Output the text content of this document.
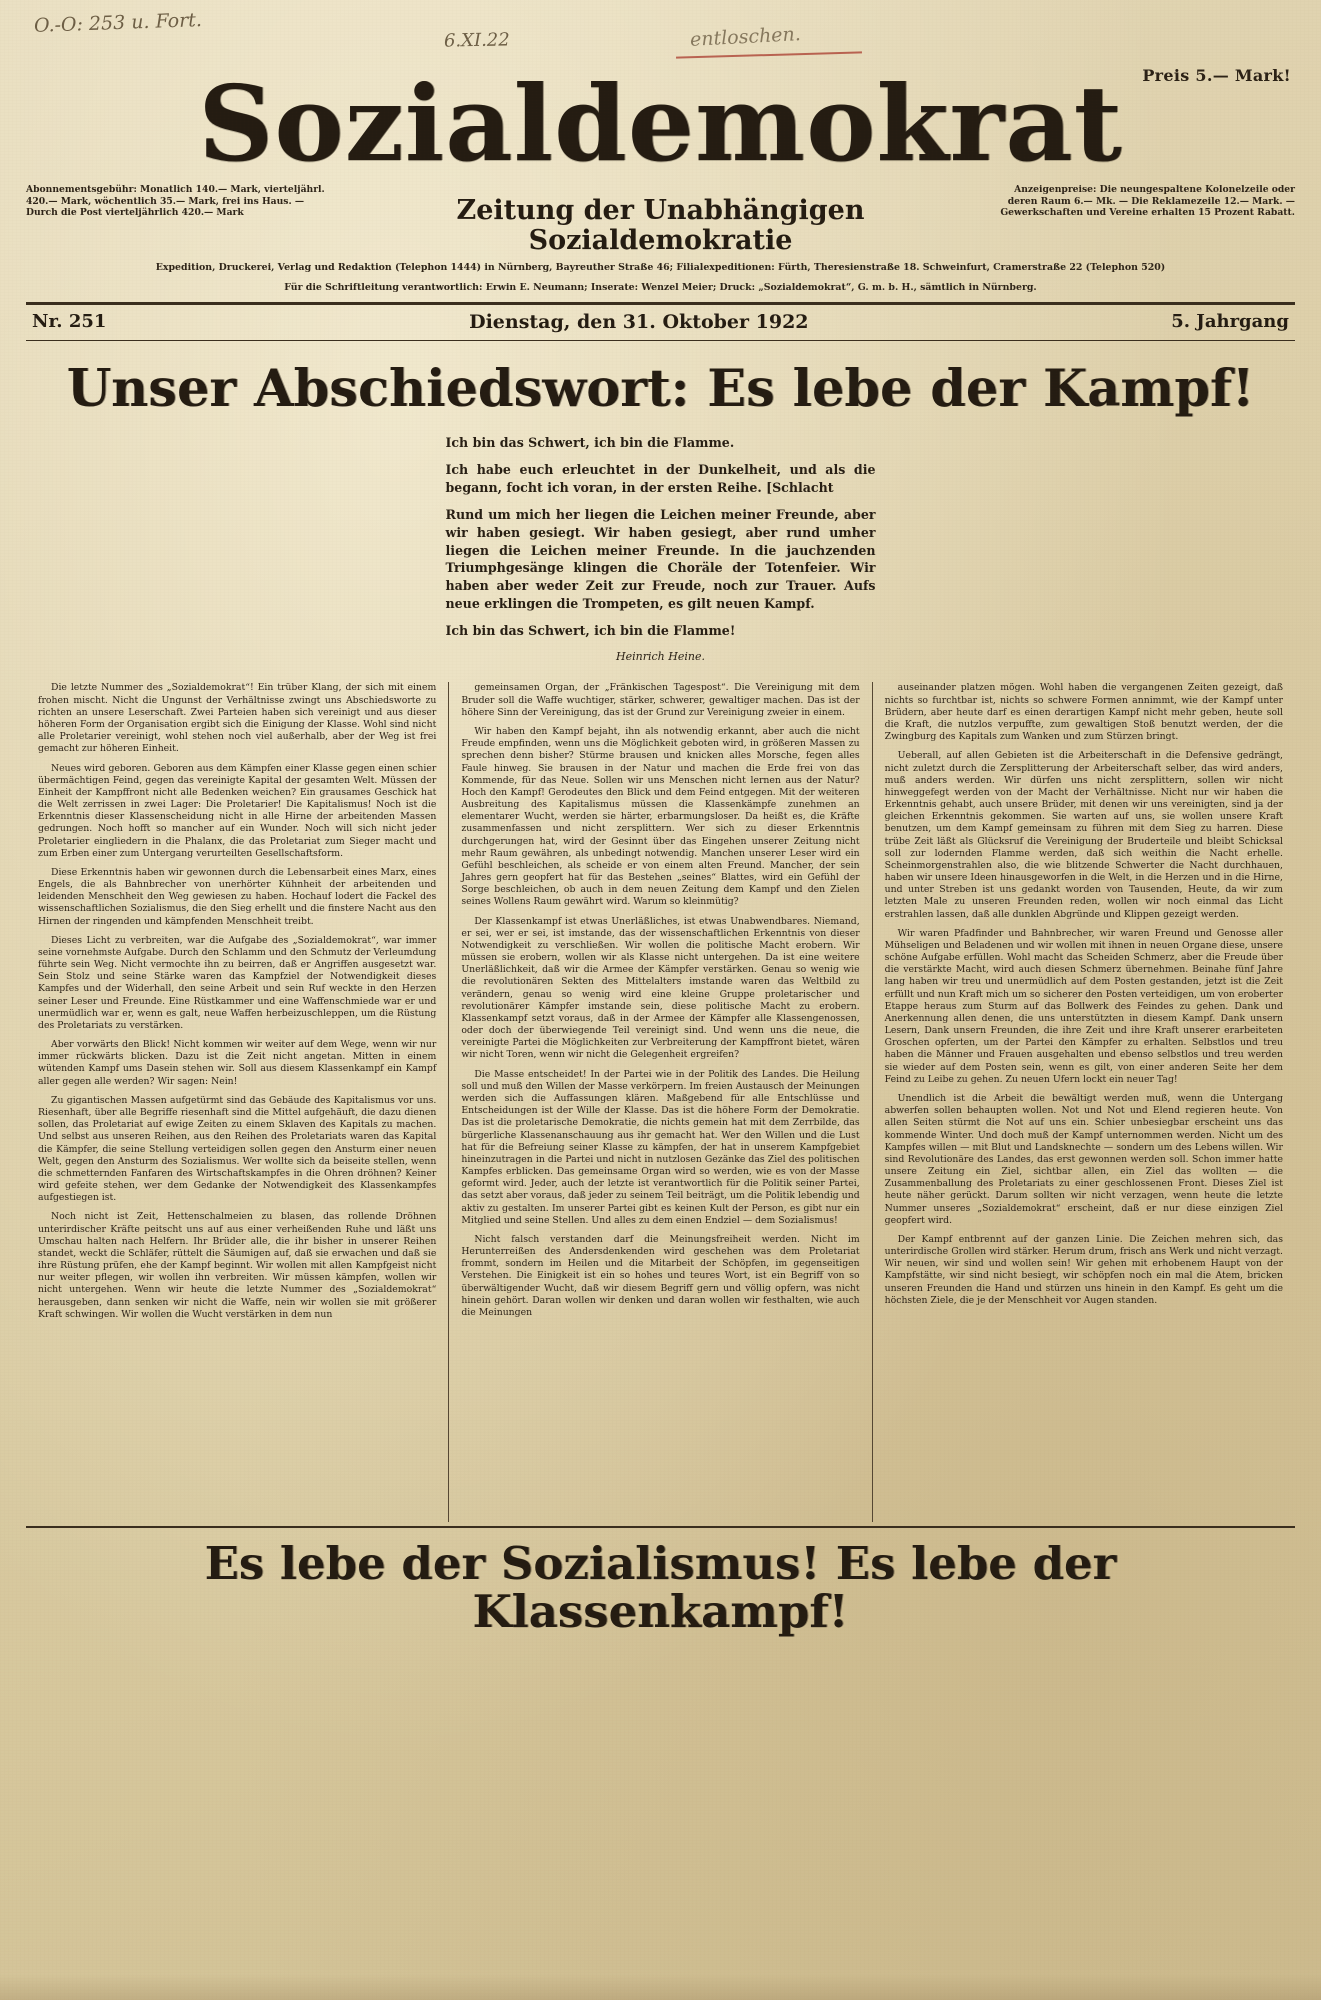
O.-O: 253 u. Fort.
6.XI.22	entloschen.
Preis 5.— Mark!
Sozialdemokrat
Abonnementsgebühr: Monatlich 140.— Mark, vierteljährl. 420.— Mark, wöchentlich 35.— Mark, frei ins Haus. — Durch die Post vierteljährlich 420.— Mark	Zeitung der Unabhängigen Sozialdemokratie
Anzeigenpreise: Die neungespaltene Kolonelzeile oder deren Raum 6.— Mk. — Die Reklamezeile 12.— Mark. — Gewerkschaften und Vereine erhalten 15 Prozent Rabatt.
Expedition, Druckerei, Verlag und Redaktion (Telephon 1444) in Nürnberg, Bayreuther Straße 46; Filialexpeditionen: Fürth, Theresienstraße 18. Schweinfurt, Cramerstraße 22 (Telephon 520)
Für die Schriftleitung verantwortlich: Erwin E. Neumann; Inserate: Wenzel Meier; Druck: „Sozialdemokrat“, G. m. b. H., sämtlich in Nürnberg.
Nr. 251	Dienstag, den 31. Oktober 1922	5. Jahrgang
Unser Abschiedswort: Es lebe der Kampf!

Ich bin das Schwert, ich bin die Flamme.

Ich habe euch erleuchtet in der Dunkelheit, und als die begann, focht ich voran, in der ersten Reihe. [Schlacht

Rund um mich her liegen die Leichen meiner Freunde, aber wir haben gesiegt. Wir haben gesiegt, aber rund umher liegen die Leichen meiner Freunde. In die jauchzenden Triumphgesänge klingen die Choräle der Totenfeier. Wir haben aber weder Zeit zur Freude, noch zur Trauer. Aufs neue erklingen die Trompeten, es gilt neuen Kampf.

Ich bin das Schwert, ich bin die Flamme!

Heinrich Heine.

Die letzte Nummer des „Sozialdemokrat“! Ein trüber Klang, der sich mit einem frohen mischt. Nicht die Ungunst der Verhältnisse zwingt uns Abschiedsworte zu richten an unsere Leserschaft. Zwei Parteien haben sich vereinigt und aus dieser höheren Form der Organisation ergibt sich die Einigung der Klasse. Wohl sind nicht alle Proletarier vereinigt, wohl stehen noch viel außerhalb, aber der Weg ist frei gemacht zur höheren Einheit.

Neues wird geboren. Geboren aus dem Kämpfen einer Klasse gegen einen schier übermächtigen Feind, gegen das vereinigte Kapital der gesamten Welt. Müssen der Einheit der Kampffront nicht alle Bedenken weichen? Ein grausames Geschick hat die Welt zerrissen in zwei Lager: Die Proletarier! Die Kapitalismus! Noch ist die Erkenntnis dieser Klassenscheidung nicht in alle Hirne der arbeitenden Massen gedrungen. Noch hofft so mancher auf ein Wunder. Noch will sich nicht jeder Proletarier eingliedern in die Phalanx, die das Proletariat zum Sieger macht und zum Erben einer zum Untergang verurteilten Gesellschaftsform.

Diese Erkenntnis haben wir gewonnen durch die Lebensarbeit eines Marx, eines Engels, die als Bahnbrecher von unerhörter Kühnheit der arbeitenden und leidenden Menschheit den Weg gewiesen zu haben. Hochauf lodert die Fackel des wissenschaftlichen Sozialismus, die den Sieg erhellt und die finstere Nacht aus den Hirnen der ringenden und kämpfenden Menschheit treibt.

Dieses Licht zu verbreiten, war die Aufgabe des „Sozialdemokrat“, war immer seine vornehmste Aufgabe. Durch den Schlamm und den Schmutz der Verleumdung führte sein Weg. Nicht vermochte ihn zu beirren, daß er Angriffen ausgesetzt war. Sein Stolz und seine Stärke waren das Kampfziel der Notwendigkeit dieses Kampfes und der Widerhall, den seine Arbeit und sein Ruf weckte in den Herzen seiner Leser und Freunde. Eine Rüstkammer und eine Waffenschmiede war er und unermüdlich war er, wenn es galt, neue Waffen herbeizuschleppen, um die Rüstung des Proletariats zu verstärken.

Aber vorwärts den Blick! Nicht kommen wir weiter auf dem Wege, wenn wir nur immer rückwärts blicken. Dazu ist die Zeit nicht angetan. Mitten in einem wütenden Kampf ums Dasein stehen wir. Soll aus diesem Klassenkampf ein Kampf aller gegen alle werden? Wir sagen: Nein!

Zu gigantischen Massen aufgetürmt sind das Gebäude des Kapitalismus vor uns. Riesenhaft, über alle Begriffe riesenhaft sind die Mittel aufgehäuft, die dazu dienen sollen, das Proletariat auf ewige Zeiten zu einem Sklaven des Kapitals zu machen. Und selbst aus unseren Reihen, aus den Reihen des Proletariats waren das Kapital die Kämpfer, die seine Stellung verteidigen sollen gegen den Ansturm einer neuen Welt, gegen den Ansturm des Sozialismus. Wer wollte sich da beiseite stellen, wenn die schmetternden Fanfaren des Wirtschaftskampfes in die Ohren dröhnen? Keiner wird gefeite stehen, wer dem Gedanke der Notwendigkeit des Klassenkampfes aufgestiegen ist.

Noch nicht ist Zeit, Hettenschalmeien zu blasen, das rollende Dröhnen unterirdischer Kräfte peitscht uns auf aus einer verheißenden Ruhe und läßt uns Umschau halten nach Helfern. Ihr Brüder alle, die ihr bisher in unserer Reihen standet, weckt die Schläfer, rüttelt die Säumigen auf, daß sie erwachen und daß sie ihre Rüstung prüfen, ehe der Kampf beginnt. Wir wollen mit allen Kampfgeist nicht nur weiter pflegen, wir wollen ihn verbreiten. Wir müssen kämpfen, wollen wir nicht untergehen. Wenn wir heute die letzte Nummer des „Sozialdemokrat“ herausgeben, dann senken wir nicht die Waffe, nein wir wollen sie mit größerer Kraft schwingen. Wir wollen die Wucht verstärken in dem nun

gemeinsamen Organ, der „Fränkischen Tagespost“. Die Vereinigung mit dem Bruder soll die Waffe wuchtiger, stärker, schwerer, gewaltiger machen. Das ist der höhere Sinn der Vereinigung, das ist der Grund zur Vereinigung zweier in einem.

Wir haben den Kampf bejaht, ihn als notwendig erkannt, aber auch die nicht Freude empfinden, wenn uns die Möglichkeit geboten wird, in größeren Massen zu sprechen denn bisher? Stürme brausen und knicken alles Morsche, fegen alles Faule hinweg. Sie brausen in der Natur und machen die Erde frei von das Kommende, für das Neue. Sollen wir uns Menschen nicht lernen aus der Natur? Hoch den Kampf! Gerodeutes den Blick und dem Feind entgegen. Mit der weiteren Ausbreitung des Kapitalismus müssen die Klassenkämpfe zunehmen an elementarer Wucht, werden sie härter, erbarmungsloser. Da heißt es, die Kräfte zusammenfassen und nicht zersplittern. Wer sich zu dieser Erkenntnis durchgerungen hat, wird der Gesinnt über das Eingehen unserer Zeitung nicht mehr Raum gewähren, als unbedingt notwendig. Manchen unserer Leser wird ein Gefühl beschleichen, als scheide er von einem alten Freund. Mancher, der sein Jahres gern geopfert hat für das Bestehen „seines“ Blattes, wird ein Gefühl der Sorge beschleichen, ob auch in dem neuen Zeitung dem Kampf und den Zielen seines Wollens Raum gewährt wird. Warum so kleinmütig?

Der Klassenkampf ist etwas Unerläßliches, ist etwas Unabwendbares. Niemand, er sei, wer er sei, ist imstande, das der wissenschaftlichen Erkenntnis von dieser Notwendigkeit zu verschließen. Wir wollen die politische Macht erobern. Wir müssen sie erobern, wollen wir als Klasse nicht untergehen. Da ist eine weitere Unerläßlichkeit, daß wir die Armee der Kämpfer verstärken. Genau so wenig wie die revolutionären Sekten des Mittelalters imstande waren das Weltbild zu verändern, genau so wenig wird eine kleine Gruppe proletarischer und revolutionärer Kämpfer imstande sein, diese politische Macht zu erobern. Klassenkampf setzt voraus, daß in der Armee der Kämpfer alle Klassengenossen, oder doch der überwiegende Teil vereinigt sind. Und wenn uns die neue, die vereinigte Partei die Möglichkeiten zur Verbreiterung der Kampffront bietet, wären wir nicht Toren, wenn wir nicht die Gelegenheit ergreifen?

Die Masse entscheidet! In der Partei wie in der Politik des Landes. Die Heilung soll und muß den Willen der Masse verkörpern. Im freien Austausch der Meinungen werden sich die Auffassungen klären. Maßgebend für alle Entschlüsse und Entscheidungen ist der Wille der Klasse. Das ist die höhere Form der Demokratie. Das ist die proletarische Demokratie, die nichts gemein hat mit dem Zerrbilde, das bürgerliche Klassenanschauung aus ihr gemacht hat. Wer den Willen und die Lust hat für die Befreiung seiner Klasse zu kämpfen, der hat in unserem Kampfgebiet hineinzutragen in die Partei und nicht in nutzlosen Gezänke das Ziel des politischen Kampfes erblicken. Das gemeinsame Organ wird so werden, wie es von der Masse geformt wird. Jeder, auch der letzte ist verantwortlich für die Politik seiner Partei, das setzt aber voraus, daß jeder zu seinem Teil beiträgt, um die Politik lebendig und aktiv zu gestalten. Im unserer Partei gibt es keinen Kult der Person, es gibt nur ein Mitglied und seine Stellen. Und alles zu dem einen Endziel — dem Sozialismus!

Nicht falsch verstanden darf die Meinungsfreiheit werden. Nicht im Herunterreißen des Andersdenkenden wird geschehen was dem Proletariat frommt, sondern im Heilen und die Mitarbeit der Schöpfen, im gegenseitigen Verstehen. Die Einigkeit ist ein so hohes und teures Wort, ist ein Begriff von so überwältigender Wucht, daß wir diesem Begriff gern und völlig opfern, was nicht hinein gehört. Daran wollen wir denken und daran wollen wir festhalten, wie auch die Meinungen

auseinander platzen mögen. Wohl haben die vergangenen Zeiten gezeigt, daß nichts so furchtbar ist, nichts so schwere Formen annimmt, wie der Kampf unter Brüdern, aber heute darf es einen derartigen Kampf nicht mehr geben, heute soll die Kraft, die nutzlos verpuffte, zum gewaltigen Stoß benutzt werden, der die Zwingburg des Kapitals zum Wanken und zum Stürzen bringt.

Ueberall, auf allen Gebieten ist die Arbeiterschaft in die Defensive gedrängt, nicht zuletzt durch die Zersplitterung der Arbeiterschaft selber, das wird anders, muß anders werden. Wir dürfen uns nicht zersplittern, sollen wir nicht hinweggefegt werden von der Macht der Verhältnisse. Nicht nur wir haben die Erkenntnis gehabt, auch unsere Brüder, mit denen wir uns vereinigten, sind ja der gleichen Erkenntnis gekommen. Sie warten auf uns, sie wollen unsere Kraft benutzen, um dem Kampf gemeinsam zu führen mit dem Sieg zu harren. Diese trübe Zeit läßt als Glücksruf die Vereinigung der Bruderteile und bleibt Schicksal soll zur lodernden Flamme werden, daß sich weithin die Nacht erhelle. Scheinmorgenstrahlen also, die wie blitzende Schwerter die Nacht durchhauen, haben wir unsere Ideen hinausgeworfen in die Welt, in die Herzen und in die Hirne, und unter Streben ist uns gedankt worden von Tausenden, Heute, da wir zum letzten Male zu unseren Freunden reden, wollen wir noch einmal das Licht erstrahlen lassen, daß alle dunklen Abgründe und Klippen gezeigt werden.

Wir waren Pfadfinder und Bahnbrecher, wir waren Freund und Genosse aller Mühseligen und Beladenen und wir wollen mit ihnen in neuen Organe diese, unsere schöne Aufgabe erfüllen. Wohl macht das Scheiden Schmerz, aber die Freude über die verstärkte Macht, wird auch diesen Schmerz übernehmen. Beinahe fünf Jahre lang haben wir treu und unermüdlich auf dem Posten gestanden, jetzt ist die Zeit erfüllt und nun Kraft mich um so sicherer den Posten verteidigen, um von eroberter Etappe heraus zum Sturm auf das Bollwerk des Feindes zu gehen. Dank und Anerkennung allen denen, die uns unterstützten in diesem Kampf. Dank unsern Lesern, Dank unsern Freunden, die ihre Zeit und ihre Kraft unserer erarbeiteten Groschen opferten, um der Partei den Kämpfer zu erhalten. Selbstlos und treu haben die Männer und Frauen ausgehalten und ebenso selbstlos und treu werden sie wieder auf dem Posten sein, wenn es gilt, von einer anderen Seite her dem Feind zu Leibe zu gehen. Zu neuen Ufern lockt ein neuer Tag!

Unendlich ist die Arbeit die bewältigt werden muß, wenn die Untergang abwerfen sollen behaupten wollen. Not und Not und Elend regieren heute. Von allen Seiten stürmt die Not auf uns ein. Schier unbesiegbar erscheint uns das kommende Winter. Und doch muß der Kampf unternommen werden. Nicht um des Kampfes willen — mit Blut und Landsknechte — sondern um des Lebens willen. Wir sind Revolutionäre des Landes, das erst gewonnen werden soll. Schon immer hatte unsere Zeitung ein Ziel, sichtbar allen, ein Ziel das wollten — die Zusammenballung des Proletariats zu einer geschlossenen Front. Dieses Ziel ist heute näher gerückt. Darum sollten wir nicht verzagen, wenn heute die letzte Nummer unseres „Sozialdemokrat“ erscheint, daß er nur diese einzigen Ziel geopfert wird.

Der Kampf entbrennt auf der ganzen Linie. Die Zeichen mehren sich, das unterirdische Grollen wird stärker. Herum drum, frisch ans Werk und nicht verzagt. Wir neuen, wir sind und wollen sein! Wir gehen mit erhobenem Haupt von der Kampfstätte, wir sind nicht besiegt, wir schöpfen noch ein mal die Atem, bricken unseren Freunden die Hand und stürzen uns hinein in den Kampf. Es geht um die höchsten Ziele, die je der Menschheit vor Augen standen.

Es lebe der Sozialismus! Es lebe der Klassenkampf!
